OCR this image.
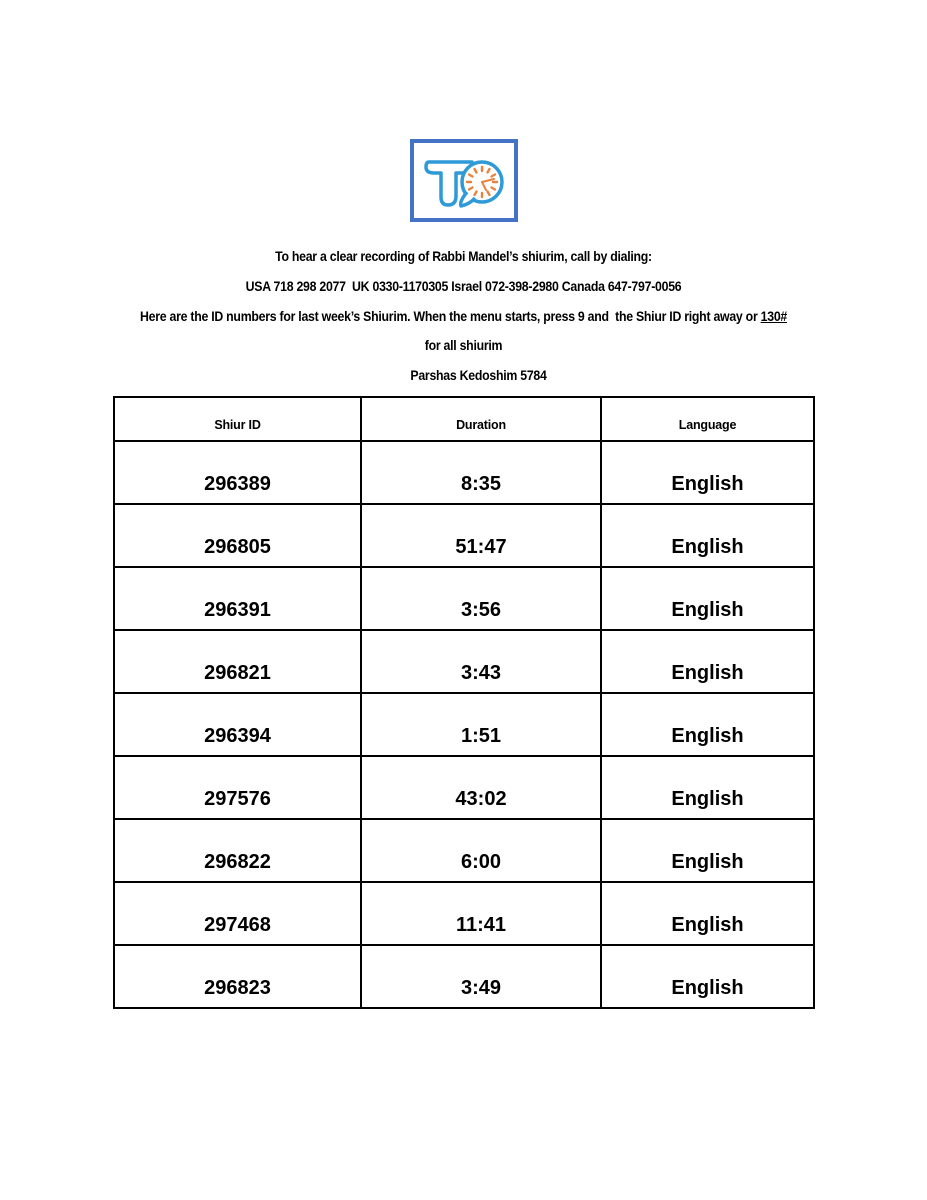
To hear a clear recording of Rabbi Mandel’s shiurim, call by dialing:
USA 718 298 2077  UK 0330-1170305 Israel 072-398-2980 Canada 647-797-0056
Here are the ID numbers for last week’s Shiurim. When the menu starts, press 9 and  the Shiur ID right away or 130#
for all shiurim
Parshas Kedoshim 5784
Shiur ID	Duration	Language
296389	8:35	English
296805	51:47	English
296391	3:56	English
296821	3:43	English
296394	1:51	English
297576	43:02	English
296822	6:00	English
297468	11:41	English
296823	3:49	English
